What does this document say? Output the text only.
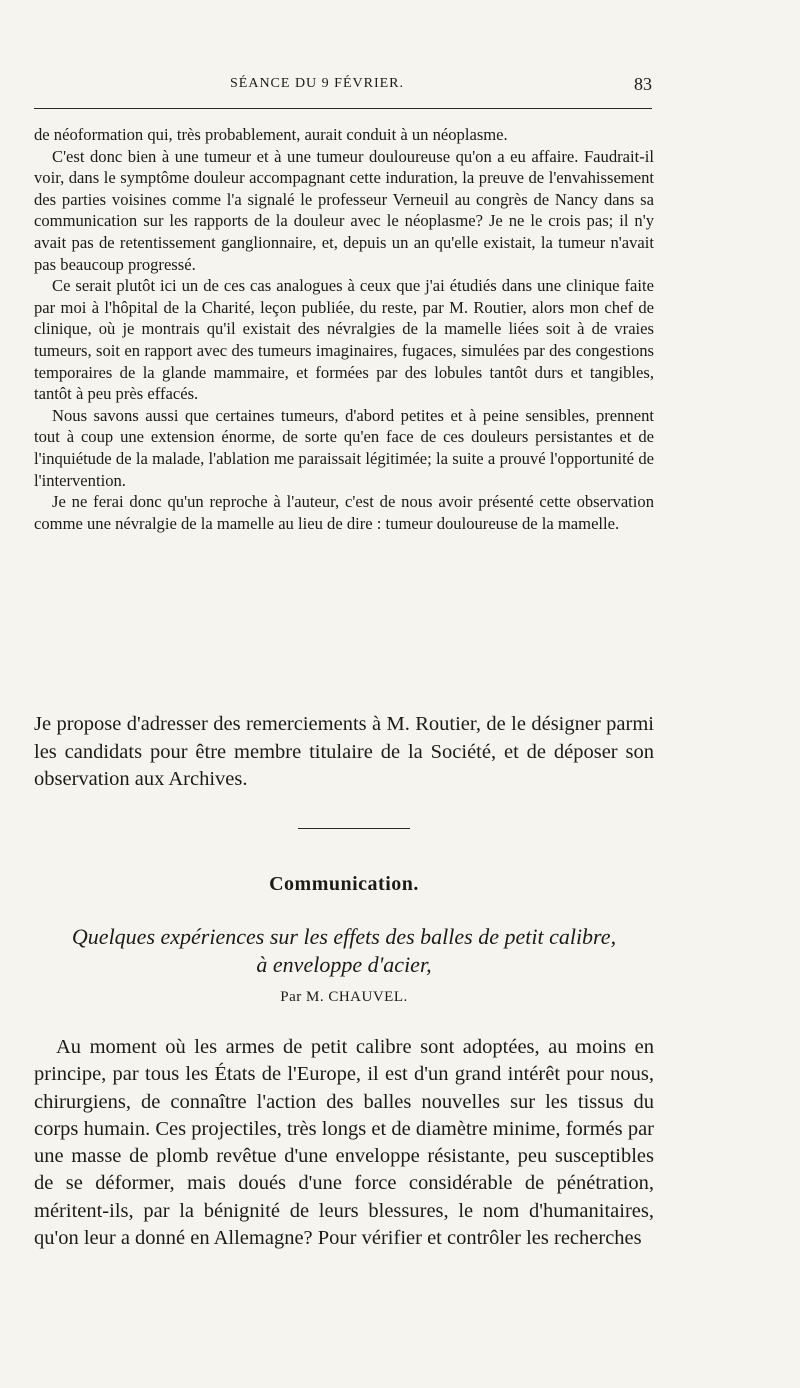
SÉANCE DU 9 FÉVRIER.	83

de néoformation qui, très probablement, aurait conduit à un néoplasme.

C'est donc bien à une tumeur et à une tumeur douloureuse qu'on a eu affaire. Faudrait-il voir, dans le symptôme douleur accompagnant cette induration, la preuve de l'envahissement des parties voisines comme l'a signalé le professeur Verneuil au congrès de Nancy dans sa communication sur les rapports de la douleur avec le néoplasme? Je ne le crois pas; il n'y avait pas de retentissement ganglionnaire, et, depuis un an qu'elle existait, la tumeur n'avait pas beaucoup progressé.

Ce serait plutôt ici un de ces cas analogues à ceux que j'ai étudiés dans une clinique faite par moi à l'hôpital de la Charité, leçon publiée, du reste, par M. Routier, alors mon chef de clinique, où je montrais qu'il existait des névralgies de la mamelle liées soit à de vraies tumeurs, soit en rapport avec des tumeurs imaginaires, fugaces, simulées par des congestions temporaires de la glande mammaire, et formées par des lobules tantôt durs et tangibles, tantôt à peu près effacés.

Nous savons aussi que certaines tumeurs, d'abord petites et à peine sensibles, prennent tout à coup une extension énorme, de sorte qu'en face de ces douleurs persistantes et de l'inquiétude de la malade, l'ablation me paraissait légitimée; la suite a prouvé l'opportunité de l'intervention.

Je ne ferai donc qu'un reproche à l'auteur, c'est de nous avoir présenté cette observation comme une névralgie de la mamelle au lieu de dire : tumeur douloureuse de la mamelle.

Je propose d'adresser des remerciements à M. Routier, de le désigner parmi les candidats pour être membre titulaire de la Société, et de déposer son observation aux Archives.

Communication.
Quelques expériences sur les effets des balles de petit calibre,
à enveloppe d'acier,
Par M. CHAUVEL.

Au moment où les armes de petit calibre sont adoptées, au moins en principe, par tous les États de l'Europe, il est d'un grand intérêt pour nous, chirurgiens, de connaître l'action des balles nouvelles sur les tissus du corps humain. Ces projectiles, très longs et de diamètre minime, formés par une masse de plomb revêtue d'une enveloppe résistante, peu susceptibles de se déformer, mais doués d'une force considérable de pénétration, méritent-ils, par la bénignité de leurs blessures, le nom d'humanitaires, qu'on leur a donné en Allemagne? Pour vérifier et contrôler les recherches
